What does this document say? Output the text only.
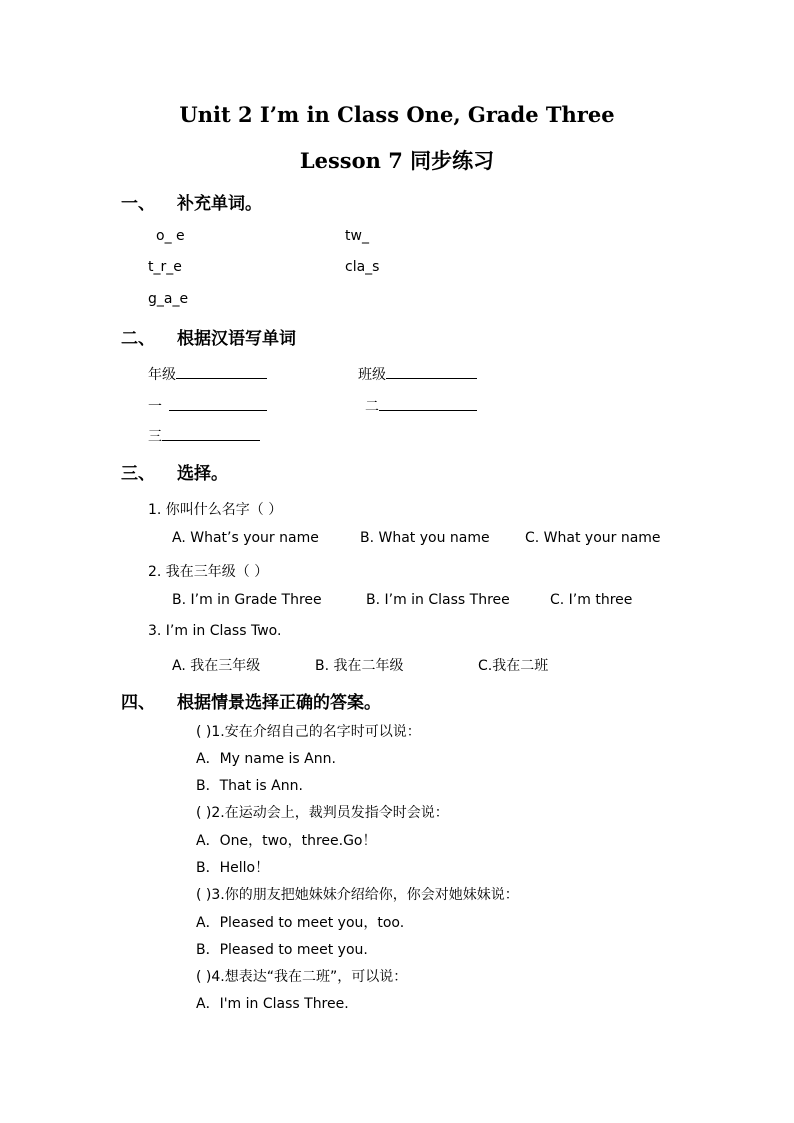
Unit 2 I’m in Class One, Grade Three
Lesson 7 同步练习
一、 补充单词。
o_ e	tw_
t_r_e	cla_s
g_a_e
二、 根据汉语写单词
年级	班级
一	二
三
三、 选择。
1. 你叫什么名字（ ）
A. What’s your name	B. What you name	C. What your name
2. 我在三年级（ ）
B. I’m in Grade Three	B. I’m in Class Three	C. I’m three
3. I’m in Class Two.
A. 我在三年级	B. 我在二年级	C.我在二班
四、 根据情景选择正确的答案。
( )1.安在介绍自己的名字时可以说：
A．My name is Ann.
B．That is Ann.
( )2.在运动会上，裁判员发指令时会说：
A．One，two，three.Go！
B．Hello！
( )3.你的朋友把她妹妹介绍给你，你会对她妹妹说：
A．Pleased to meet you，too.
B．Pleased to meet you.
( )4.想表达“我在二班”，可以说：
A．I'm in Class Three.
